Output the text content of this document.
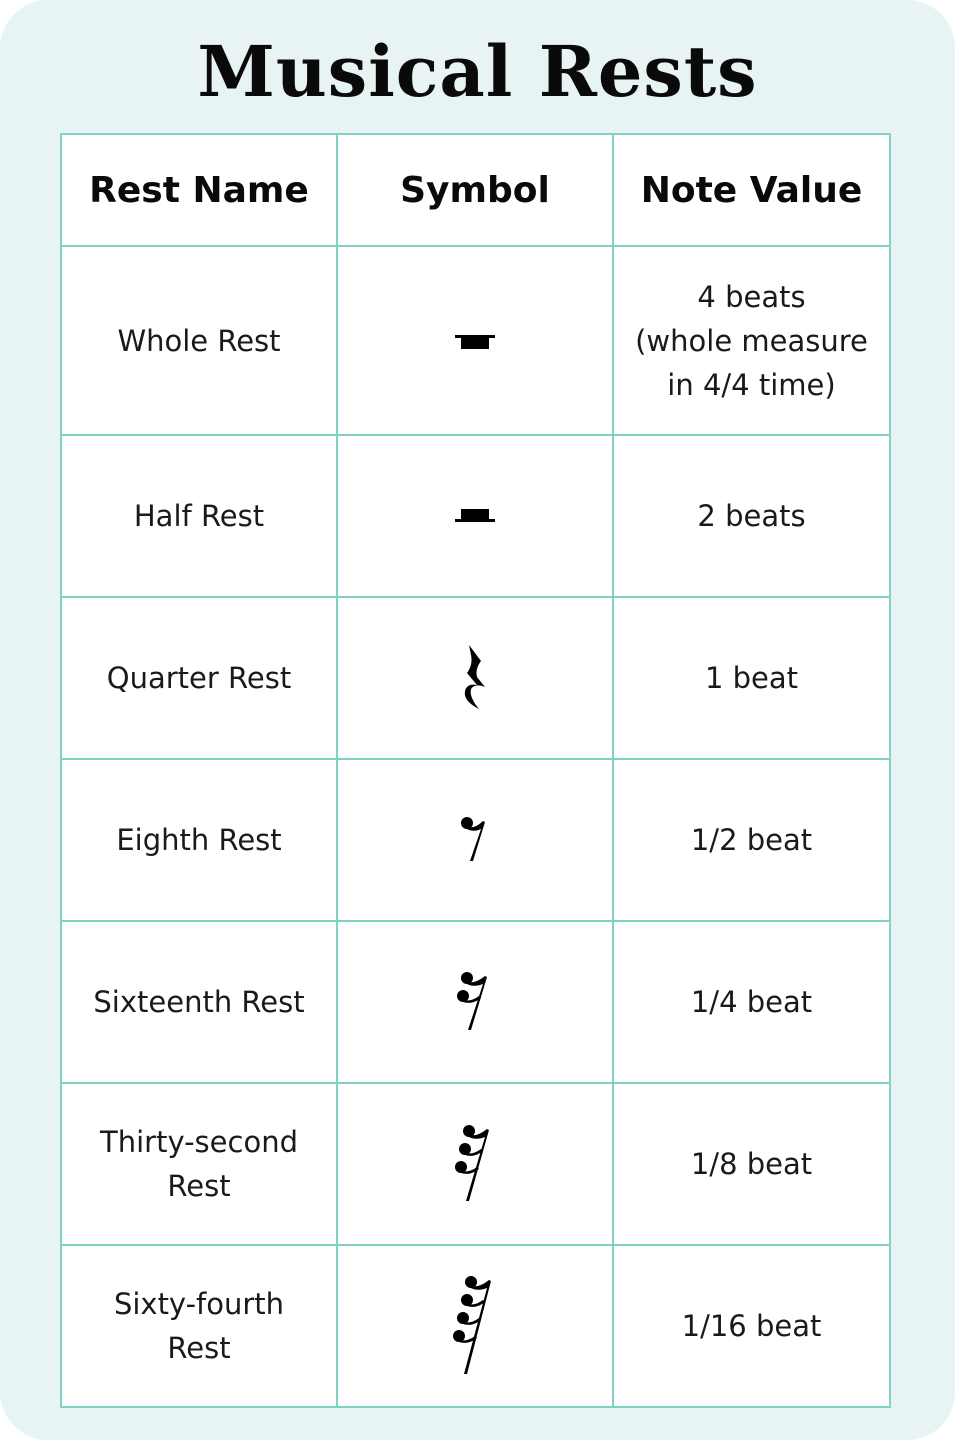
Musical Rests
Rest Name	Symbol	Note Value
Whole Rest		4 beats
(whole measure
in 4/4 time)

Half Rest		2 beats
Quarter Rest		1 beat
Eighth Rest		1/2 beat
Sixteenth Rest		1/4 beat

Thirty-second
Rest		1/8 beat

Sixty-fourth
Rest		1/16 beat
